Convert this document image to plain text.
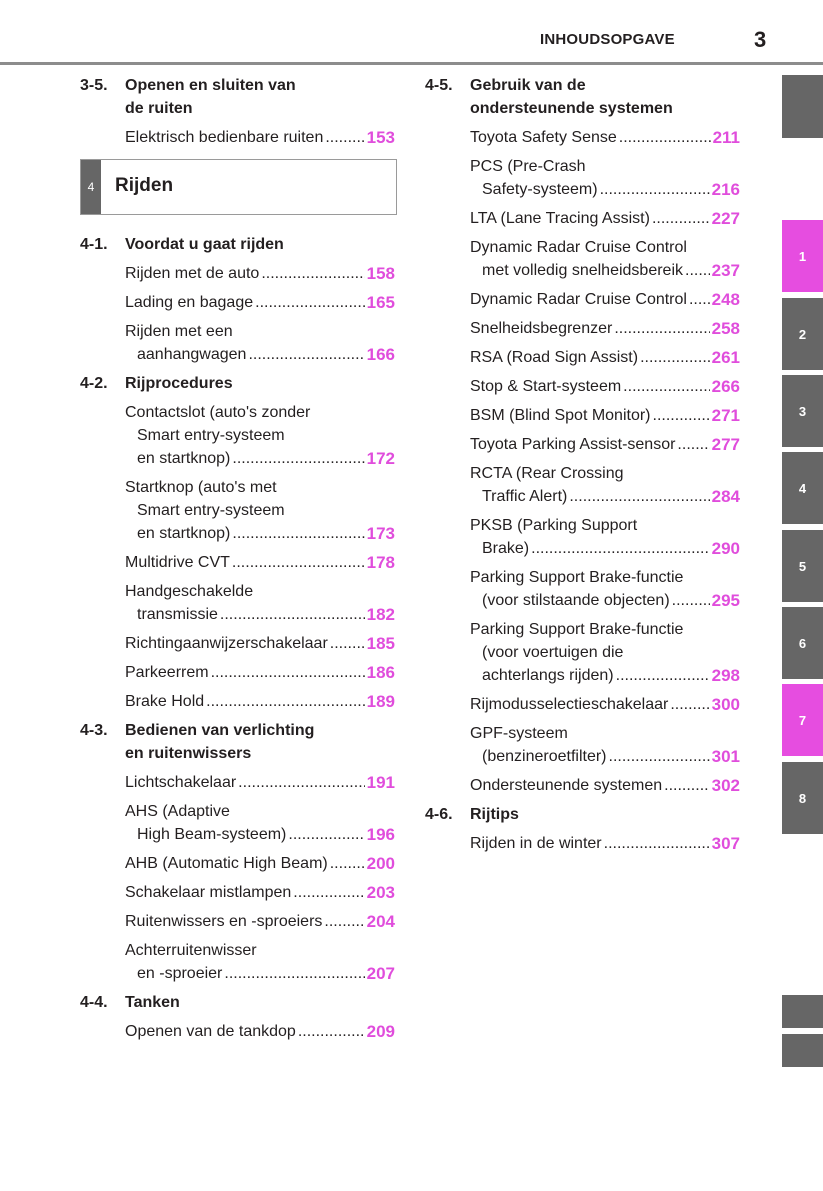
INHOUDSOPGAVE	3
3-5. Openen en sluiten van
de ruiten
Elektrisch bedienbare ruiten .....	153
4	Rijden
4-1. Voordat u gaat rijden
Rijden met de auto .....	158
Lading en bagage .....	165
Rijden met een
aanhangwagen .....	166
4-2. Rijprocedures
Contactslot (auto's zonder
Smart entry-systeem
en startknop) .....	172
Startknop (auto's met
Smart entry-systeem
en startknop) .....	173
Multidrive CVT .....	178
Handgeschakelde
transmissie .....	182
Richtingaanwijzerschakelaar ..... 185
Parkeerrem .....	186
Brake Hold .....	189
4-3. Bedienen van verlichting
en ruitenwissers
Lichtschakelaar .....	191
AHS (Adaptive
High Beam-systeem) .....	196
AHB (Automatic High Beam) ..... 200
Schakelaar mistlampen .....	203
Ruitenwissers en -sproeiers .....	204
Achterruitenwisser
en -sproeier .....	207
4-4. Tanken
Openen van de tankdop .....	209
4-5. Gebruik van de
ondersteunende systemen
Toyota Safety Sense .....	211
PCS (Pre-Crash
Safety-systeem) .....	216
LTA (Lane Tracing Assist) .....	227
Dynamic Radar Cruise Control
met volledig snelheidsbereik ..... 237
Dynamic Radar Cruise Control ..... 248
Snelheidsbegrenzer .....	258
RSA (Road Sign Assist) .....	261
Stop & Start-systeem .....	266
BSM (Blind Spot Monitor) .....	271
Toyota Parking Assist-sensor ..... 277
RCTA (Rear Crossing
Traffic Alert) .....	284
PKSB (Parking Support
Brake) .....	290
Parking Support Brake-functie
(voor stilstaande objecten) ..... 295
Parking Support Brake-functie
(voor voertuigen die
achterlangs rijden) .....	298
Rijmodusselectieschakelaar .....	300
GPF-systeem
(benzineroetfilter) .....	301
Ondersteunende systemen .....	302
4-6. Rijtips
Rijden in de winter .....	307
1
2
3
4
5
6
7
8
